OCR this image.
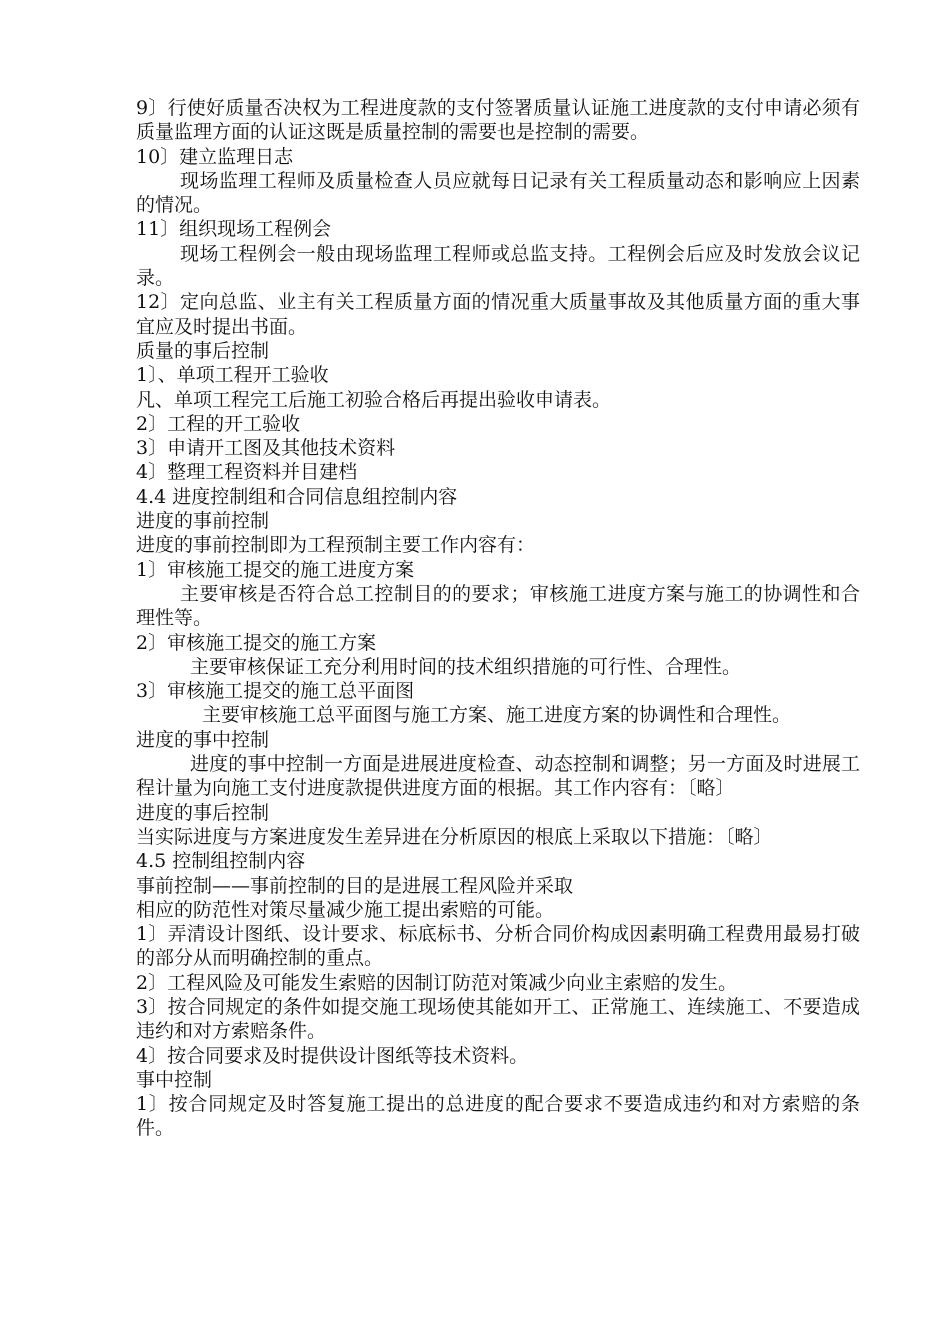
9〕行使好质量否决权为工程进度款的支付签署质量认证施工进度款的支付申请必须有质量监理方面的认证这既是质量控制的需要也是控制的需要。

10〕建立监理日志

现场监理工程师及质量检查人员应就每日记录有关工程质量动态和影响应上因素的情况。

11〕组织现场工程例会

现场工程例会一般由现场监理工程师或总监支持。工程例会后应及时发放会议记录。

12〕定向总监、业主有关工程质量方面的情况重大质量事故及其他质量方面的重大事宜应及时提出书面。

质量的事后控制

1〕、单项工程开工验收

凡、单项工程完工后施工初验合格后再提出验收申请表。

2〕工程的开工验收

3〕申请开工图及其他技术资料

4〕整理工程资料并目建档

4.4 进度控制组和合同信息组控制内容

进度的事前控制

进度的事前控制即为工程预制主要工作内容有：

1〕审核施工提交的施工进度方案

主要审核是否符合总工控制目的的要求；审核施工进度方案与施工的协调性和合理性等。

2〕审核施工提交的施工方案

主要审核保证工充分利用时间的技术组织措施的可行性、合理性。

3〕审核施工提交的施工总平面图

主要审核施工总平面图与施工方案、施工进度方案的协调性和合理性。

进度的事中控制

进度的事中控制一方面是进展进度检查、动态控制和调整；另一方面及时进展工程计量为向施工支付进度款提供进度方面的根据。其工作内容有：〔略〕

进度的事后控制

当实际进度与方案进度发生差异进在分析原因的根底上采取以下措施：〔略〕

4.5 控制组控制内容

事前控制——事前控制的目的是进展工程风险并采取

相应的防范性对策尽量减少施工提出索赔的可能。

1〕弄清设计图纸、设计要求、标底标书、分析合同价构成因素明确工程费用最易打破的部分从而明确控制的重点。

2〕工程风险及可能发生索赔的因制订防范对策减少向业主索赔的发生。

3〕按合同规定的条件如提交施工现场使其能如开工、正常施工、连续施工、不要造成违约和对方索赔条件。

4〕按合同要求及时提供设计图纸等技术资料。

事中控制

1〕按合同规定及时答复施工提出的总进度的配合要求不要造成违约和对方索赔的条件。
